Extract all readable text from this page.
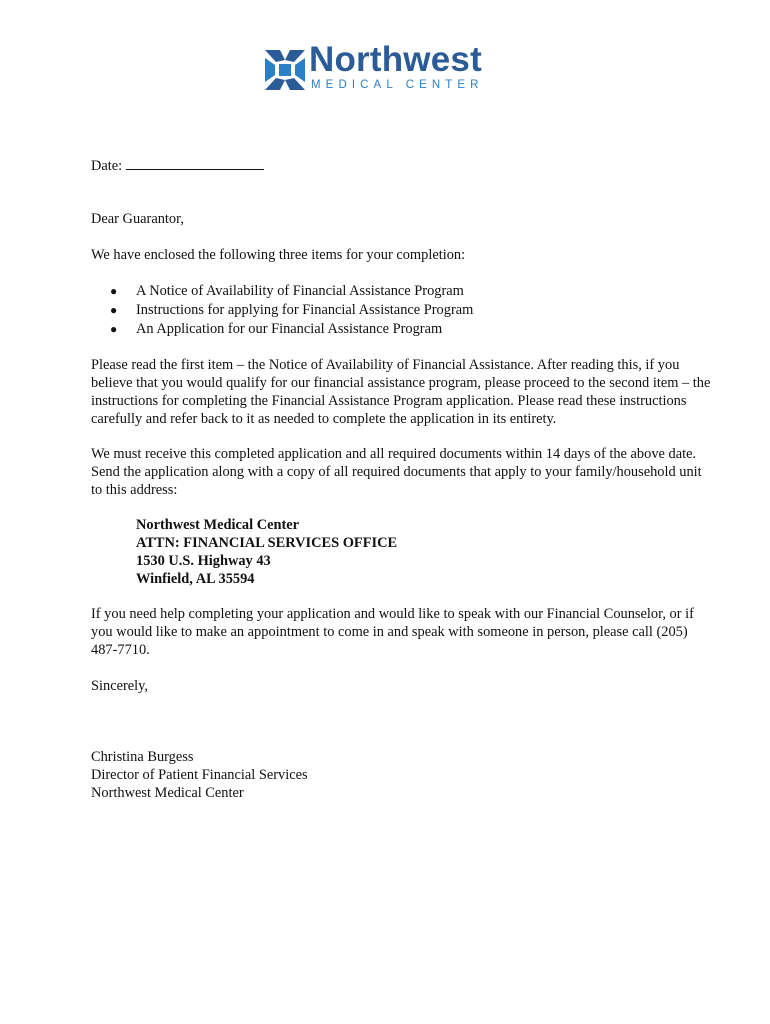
Northwest
MEDICAL CENTER

Date:

Dear Guarantor,

We have enclosed the following three items for your completion:

● A Notice of Availability of Financial Assistance Program
● Instructions for applying for Financial Assistance Program
● An Application for our Financial Assistance Program

Please read the first item – the Notice of Availability of Financial Assistance. After reading this, if you believe that you would qualify for our financial assistance program, please proceed to the second item – the instructions for completing the Financial Assistance Program application. Please read these instructions carefully and refer back to it as needed to complete the application in its entirety.

We must receive this completed application and all required documents within 14 days of the above date. Send the application along with a copy of all required documents that apply to your family/household unit to this address:

Northwest Medical Center
ATTN: FINANCIAL SERVICES OFFICE
1530 U.S. Highway 43
Winfield, AL 35594

If you need help completing your application and would like to speak with our Financial Counselor, or if you would like to make an appointment to come in and speak with someone in person, please call (205) 487-7710.

Sincerely,

Christina Burgess
Director of Patient Financial Services
Northwest Medical Center
